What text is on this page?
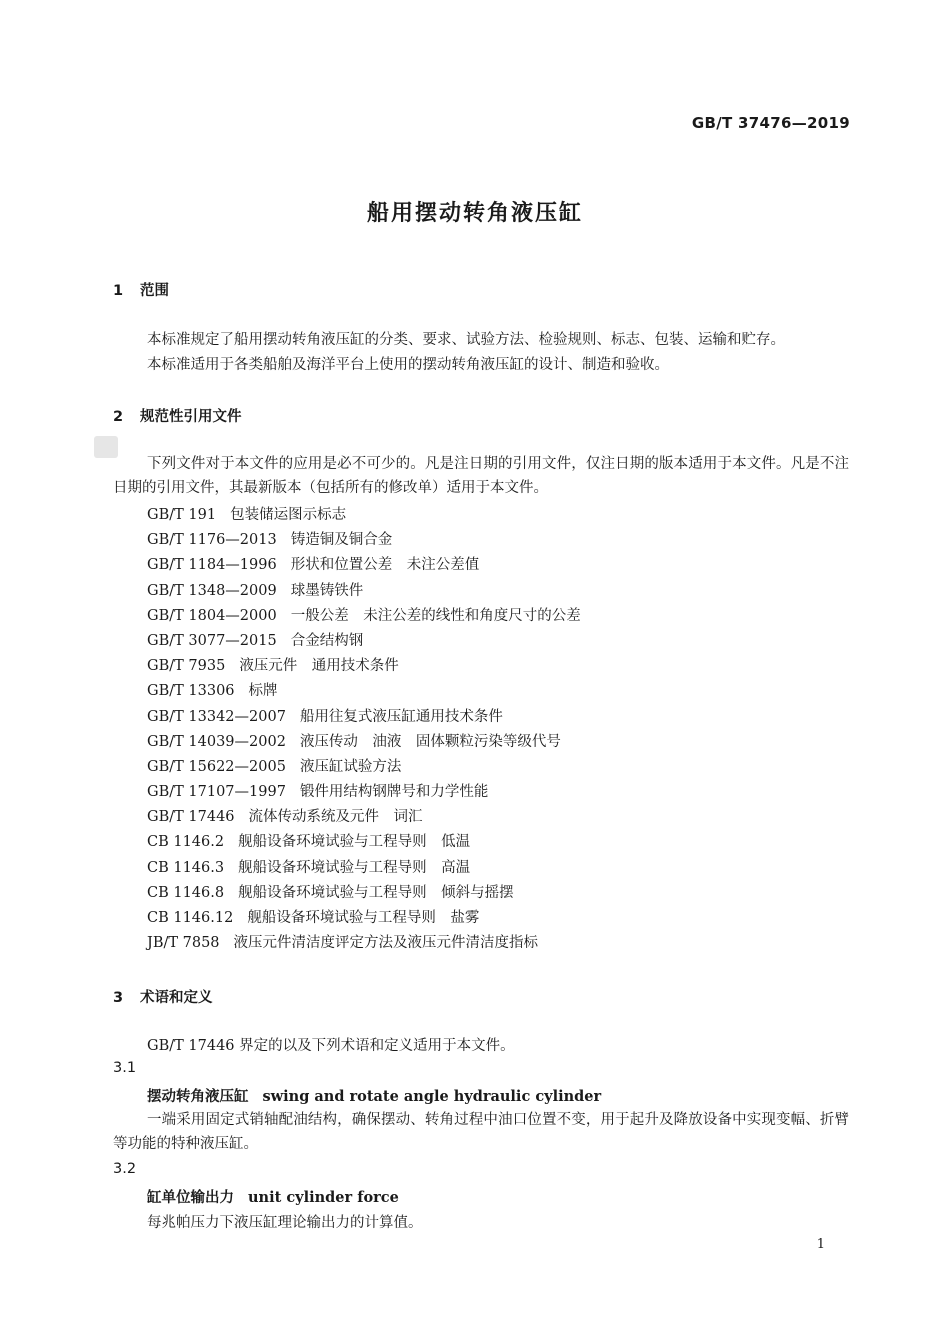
GB/T 37476—2019
船用摆动转角液压缸
1 范围
本标准规定了船用摆动转角液压缸的分类、要求、试验方法、检验规则、标志、包装、运输和贮存。
本标准适用于各类船舶及海洋平台上使用的摆动转角液压缸的设计、制造和验收。
2 规范性引用文件
下列文件对于本文件的应用是必不可少的。凡是注日期的引用文件，仅注日期的版本适用于本文件。凡是不注日期的引用文件，其最新版本（包括所有的修改单）适用于本文件。
GB/T 191 包装储运图示标志
GB/T 1176—2013 铸造铜及铜合金
GB/T 1184—1996 形状和位置公差　未注公差值
GB/T 1348—2009 球墨铸铁件
GB/T 1804—2000 一般公差　未注公差的线性和角度尺寸的公差
GB/T 3077—2015 合金结构钢
GB/T 7935 液压元件　通用技术条件
GB/T 13306 标牌
GB/T 13342—2007 船用往复式液压缸通用技术条件
GB/T 14039—2002 液压传动　油液　固体颗粒污染等级代号
GB/T 15622—2005 液压缸试验方法
GB/T 17107—1997 锻件用结构钢牌号和力学性能
GB/T 17446 流体传动系统及元件　词汇
CB 1146.2 舰船设备环境试验与工程导则　低温
CB 1146.3 舰船设备环境试验与工程导则　高温
CB 1146.8 舰船设备环境试验与工程导则　倾斜与摇摆
CB 1146.12 舰船设备环境试验与工程导则　盐雾
JB/T 7858 液压元件清洁度评定方法及液压元件清洁度指标
3 术语和定义
GB/T 17446 界定的以及下列术语和定义适用于本文件。
3.1
摆动转角液压缸 swing and rotate angle hydraulic cylinder
一端采用固定式销轴配油结构，确保摆动、转角过程中油口位置不变，用于起升及降放设备中实现变幅、折臂等功能的特种液压缸。
3.2
缸单位输出力 unit cylinder force
每兆帕压力下液压缸理论输出力的计算值。
1
